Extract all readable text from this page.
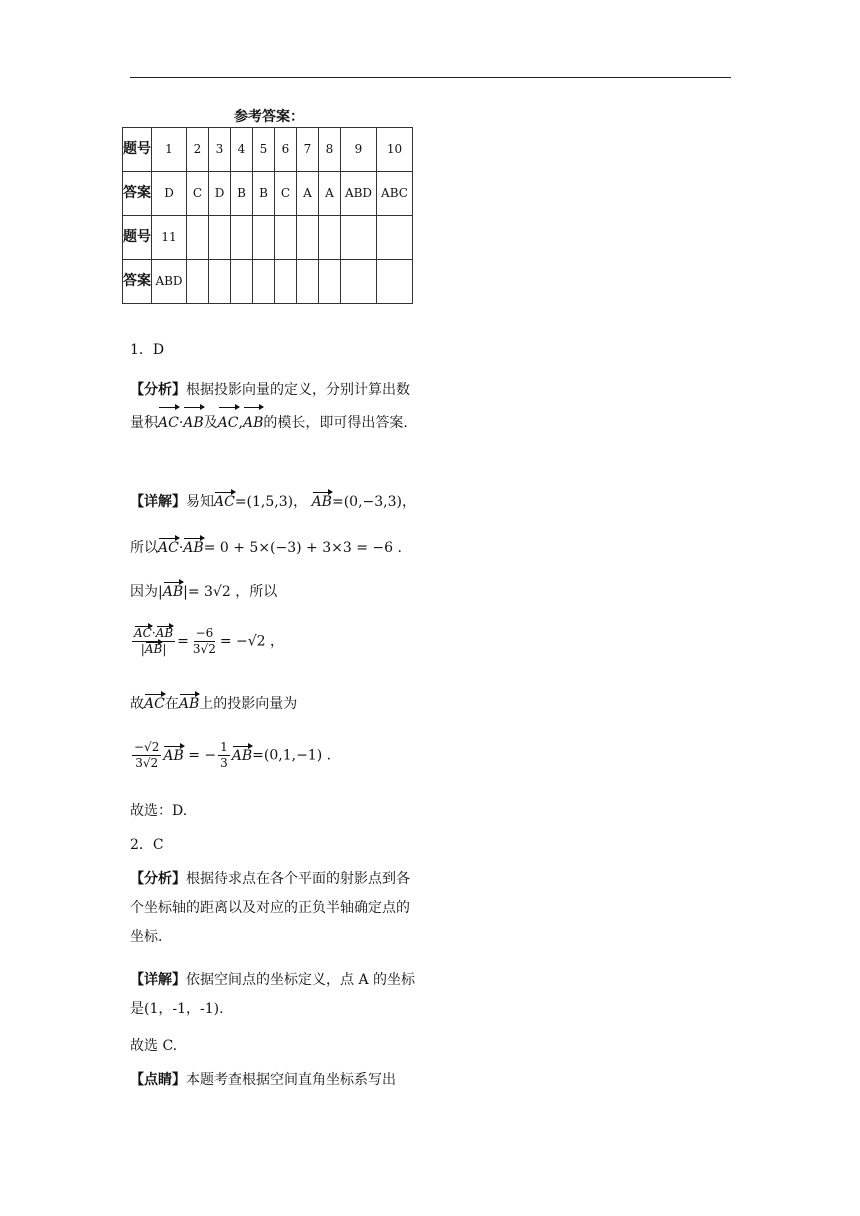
参考答案：
题号	1	2	3	4	5	6	7	8	9	10
答案	D	C	D	B	B	C	A	A	ABD	ABC
题号	11									
答案	ABD									
1．D
【分析】根据投影向量的定义，分别计算出数量积AC·AB及AC,AB的模长，即可得出答案.
【详解】易知AC=(1,5,3)， AB=(0,−3,3)，
所以AC·AB= 0 + 5×(−3) + 3×3 = −6 .
因为|AB|= 3√2 ，所以
$\frac{AC\cdot AB}{|AB|} = \frac{-6}{3√2} = -√2$ ，
故AC在AB上的投影向量为
$\frac{-√2}{3√2}$ AB = − $\frac{1}{3} AB=(0,1,-1)$ .
故选：D.
2．C
【分析】根据待求点在各个平面的射影点到各个坐标轴的距离以及对应的正负半轴确定点的坐标.
【详解】依据空间点的坐标定义，点 A 的坐标是(1，-1，-1).
故选 C.
【点睛】本题考查根据空间直角坐标系写出
